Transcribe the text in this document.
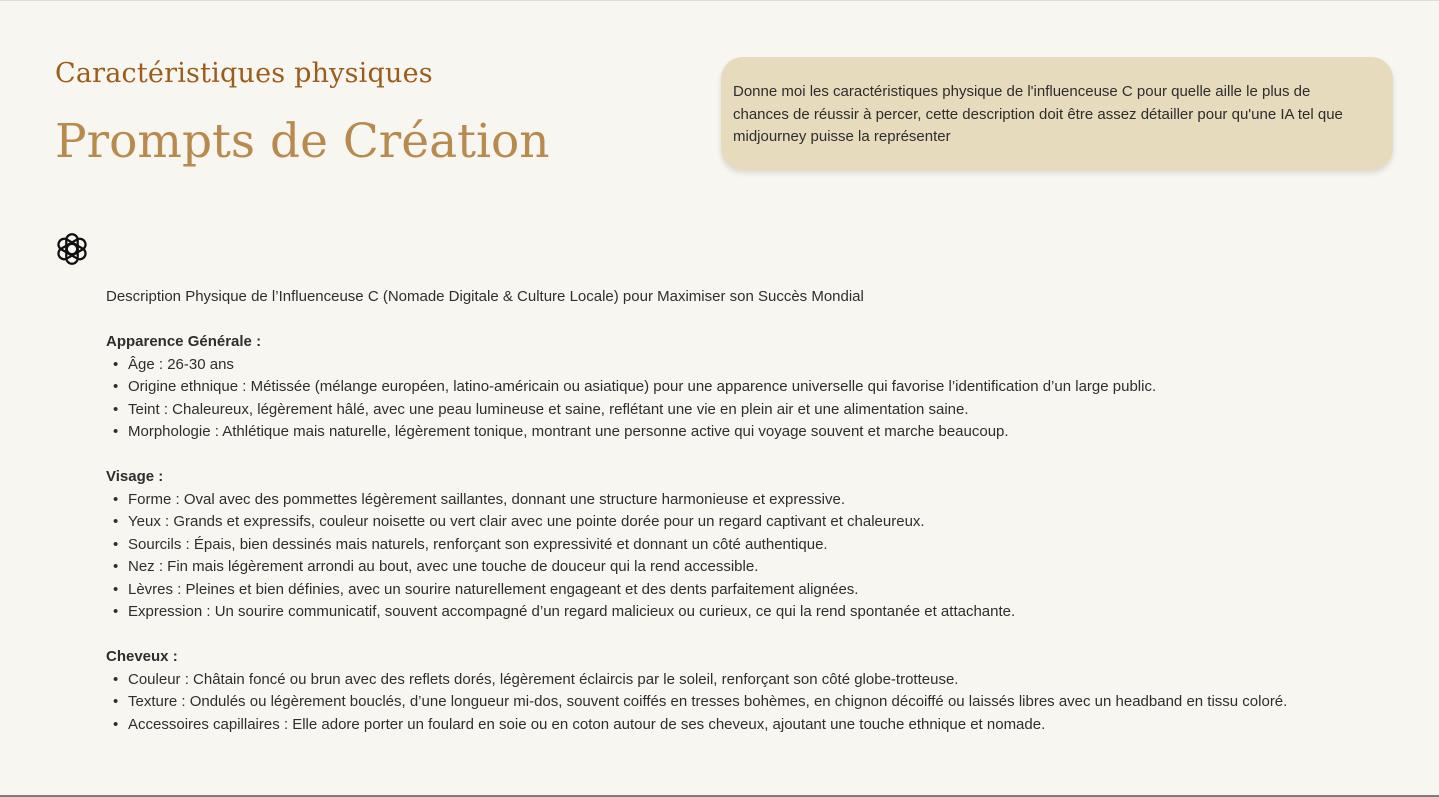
Caractéristiques physiques
Prompts de Création
Donne moi les caractéristiques physique de l'influenceuse C pour quelle aille le plus de chances de réussir à percer, cette description doit être assez détailler pour qu'une IA tel que midjourney puisse la représenter

Description Physique de l’Influenceuse C (Nomade Digitale & Culture Locale) pour Maximiser son Succès Mondial

Apparence Générale :

• Âge : 26-30 ans
• Origine ethnique : Métissée (mélange européen, latino-américain ou asiatique) pour une apparence universelle qui favorise l’identification d’un large public.
• Teint : Chaleureux, légèrement hâlé, avec une peau lumineuse et saine, reflétant une vie en plein air et une alimentation saine.
• Morphologie : Athlétique mais naturelle, légèrement tonique, montrant une personne active qui voyage souvent et marche beaucoup.

Visage :

• Forme : Oval avec des pommettes légèrement saillantes, donnant une structure harmonieuse et expressive.
• Yeux : Grands et expressifs, couleur noisette ou vert clair avec une pointe dorée pour un regard captivant et chaleureux.
• Sourcils : Épais, bien dessinés mais naturels, renforçant son expressivité et donnant un côté authentique.
• Nez : Fin mais légèrement arrondi au bout, avec une touche de douceur qui la rend accessible.
• Lèvres : Pleines et bien définies, avec un sourire naturellement engageant et des dents parfaitement alignées.
• Expression : Un sourire communicatif, souvent accompagné d’un regard malicieux ou curieux, ce qui la rend spontanée et attachante.

Cheveux :

• Couleur : Châtain foncé ou brun avec des reflets dorés, légèrement éclaircis par le soleil, renforçant son côté globe-trotteuse.
• Texture : Ondulés ou légèrement bouclés, d’une longueur mi-dos, souvent coiffés en tresses bohèmes, en chignon décoiffé ou laissés libres avec un headband en tissu coloré.
• Accessoires capillaires : Elle adore porter un foulard en soie ou en coton autour de ses cheveux, ajoutant une touche ethnique et nomade.
